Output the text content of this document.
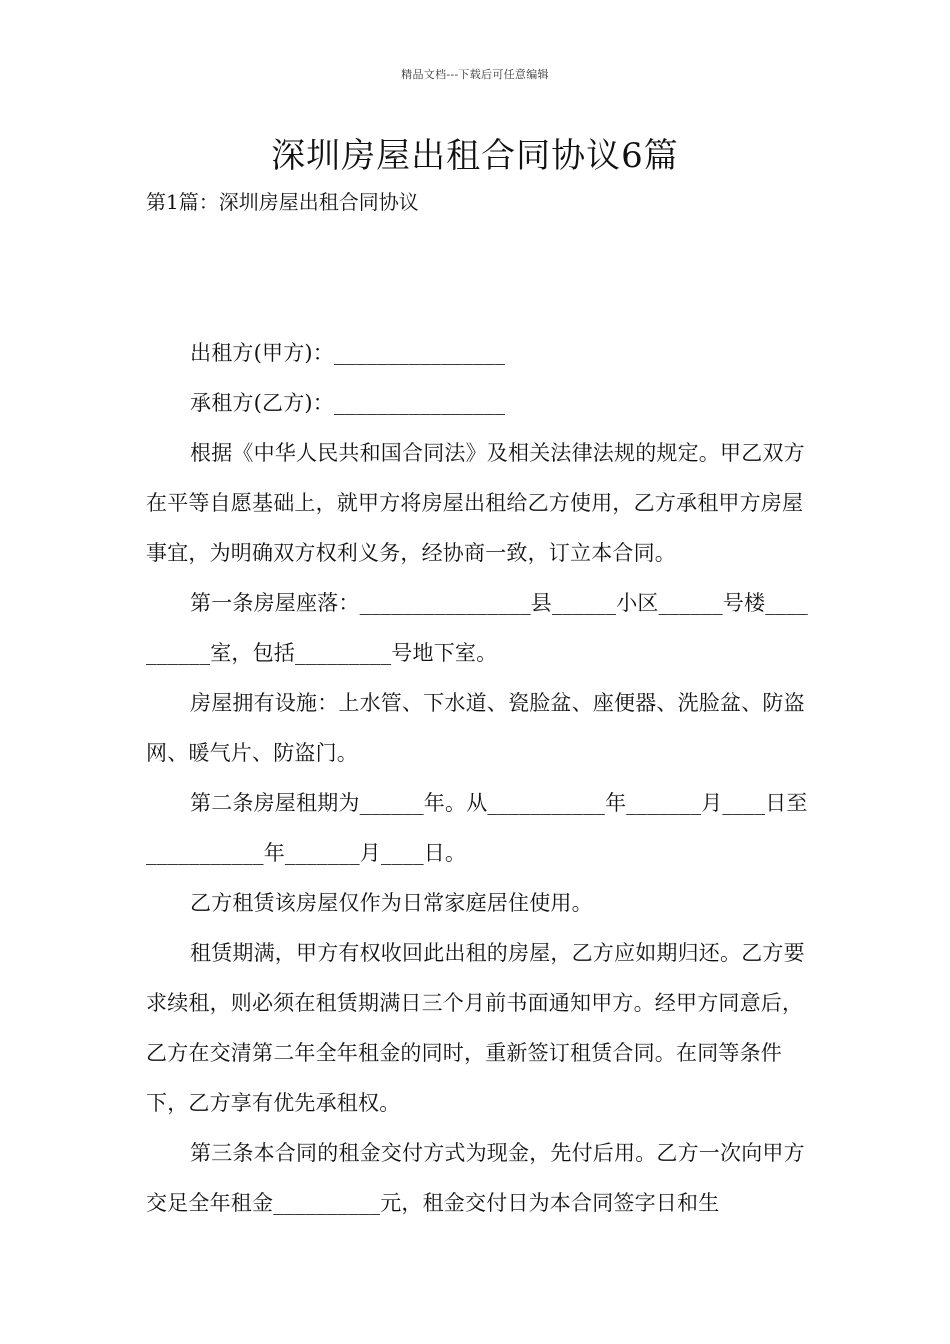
精品文档---下载后可任意编辑
深圳房屋出租合同协议6篇
第1篇：深圳房屋出租合同协议

出租方(甲方)：________________

承租方(乙方)：________________

根据《中华人民共和国合同法》及相关法律法规的规定。甲乙双方在平等自愿基础上，就甲方将房屋出租给乙方使用，乙方承租甲方房屋事宜，为明确双方权利义务，经协商一致，订立本合同。

第一条房屋座落：________________县______小区______号楼__________室，包括_________号地下室。

房屋拥有设施：上水管、下水道、瓷脸盆、座便器、洗脸盆、防盗网、暖气片、防盗门。

第二条房屋租期为______年。从___________年_______月____日至___________年_______月____日。

乙方租赁该房屋仅作为日常家庭居住使用。

租赁期满，甲方有权收回此出租的房屋，乙方应如期归还。乙方要求续租，则必须在租赁期满日三个月前书面通知甲方。经甲方同意后，乙方在交清第二年全年租金的同时，重新签订租赁合同。在同等条件下，乙方享有优先承租权。

第三条本合同的租金交付方式为现金，先付后用。乙方一次向甲方交足全年租金__________元，租金交付日为本合同签字日和生
